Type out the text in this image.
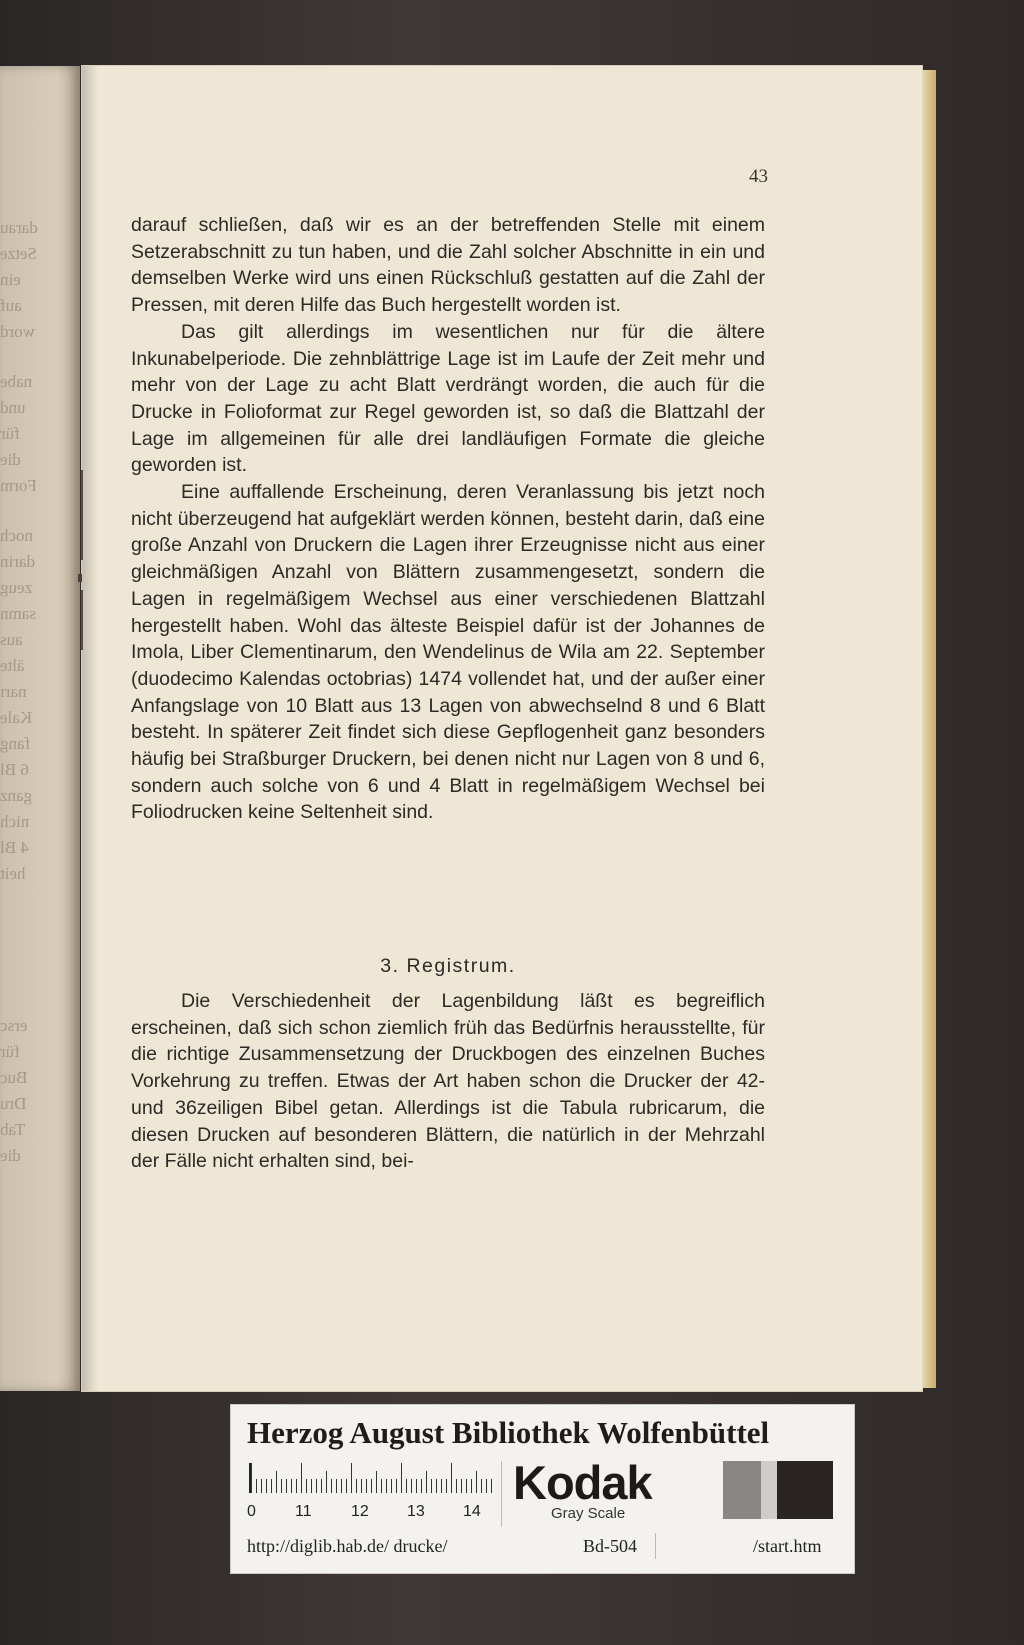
darau
Setze
ein
auf
word
nabe
und
für
die
Form
noch
darin
zeug
samn
aus
älte
narı
Kale
fang
6 Bl
ganz
nich
4 Bl
heit
ersc
für
Buc
Dru
Tab
die
43

darauf schließen, daß wir es an der betreffenden Stelle mit einem Setzerabschnitt zu tun haben, und die Zahl solcher Abschnitte in ein und demselben Werke wird uns einen Rückschluß gestatten auf die Zahl der Pressen, mit deren Hilfe das Buch hergestellt worden ist.

Das gilt allerdings im wesentlichen nur für die ältere Inkunabelperiode. Die zehnblättrige Lage ist im Laufe der Zeit mehr und mehr von der Lage zu acht Blatt verdrängt worden, die auch für die Drucke in Folioformat zur Regel geworden ist, so daß die Blattzahl der Lage im allgemeinen für alle drei landläufigen Formate die gleiche geworden ist.

Eine auffallende Erscheinung, deren Veranlassung bis jetzt noch nicht überzeugend hat aufgeklärt werden können, besteht darin, daß eine große Anzahl von Druckern die Lagen ihrer Erzeugnisse nicht aus einer gleichmäßigen Anzahl von Blättern zusammengesetzt, sondern die Lagen in regelmäßigem Wechsel aus einer verschiedenen Blattzahl hergestellt haben. Wohl das älteste Beispiel dafür ist der Johannes de Imola, Liber Clementinarum, den Wendelinus de Wila am 22. September (duodecimo Kalendas octobrias) 1474 vollendet hat, und der außer einer Anfangslage von 10 Blatt aus 13 Lagen von abwechselnd 8 und 6 Blatt besteht. In späterer Zeit findet sich diese Gepflogenheit ganz besonders häufig bei Straßburger Druckern, bei denen nicht nur Lagen von 8 und 6, sondern auch solche von 6 und 4 Blatt in regelmäßigem Wechsel bei Foliodrucken keine Seltenheit sind.

3. Registrum.

Die Verschiedenheit der Lagenbildung läßt es begreiflich erscheinen, daß sich schon ziemlich früh das Bedürfnis herausstellte, für die richtige Zusammensetzung der Druckbogen des einzelnen Buches Vorkehrung zu treffen. Etwas der Art haben schon die Drucker der 42- und 36zeiligen Bibel getan. Allerdings ist die Tabula rubricarum, die diesen Drucken auf besonderen Blättern, die natürlich in der Mehrzahl der Fälle nicht erhalten sind, bei-

Herzog August Bibliothek Wolfenbüttel
0 11 12 13 14
Kodak
Gray Scale
http://diglib.hab.de/ drucke/	Bd-504	/start.htm
